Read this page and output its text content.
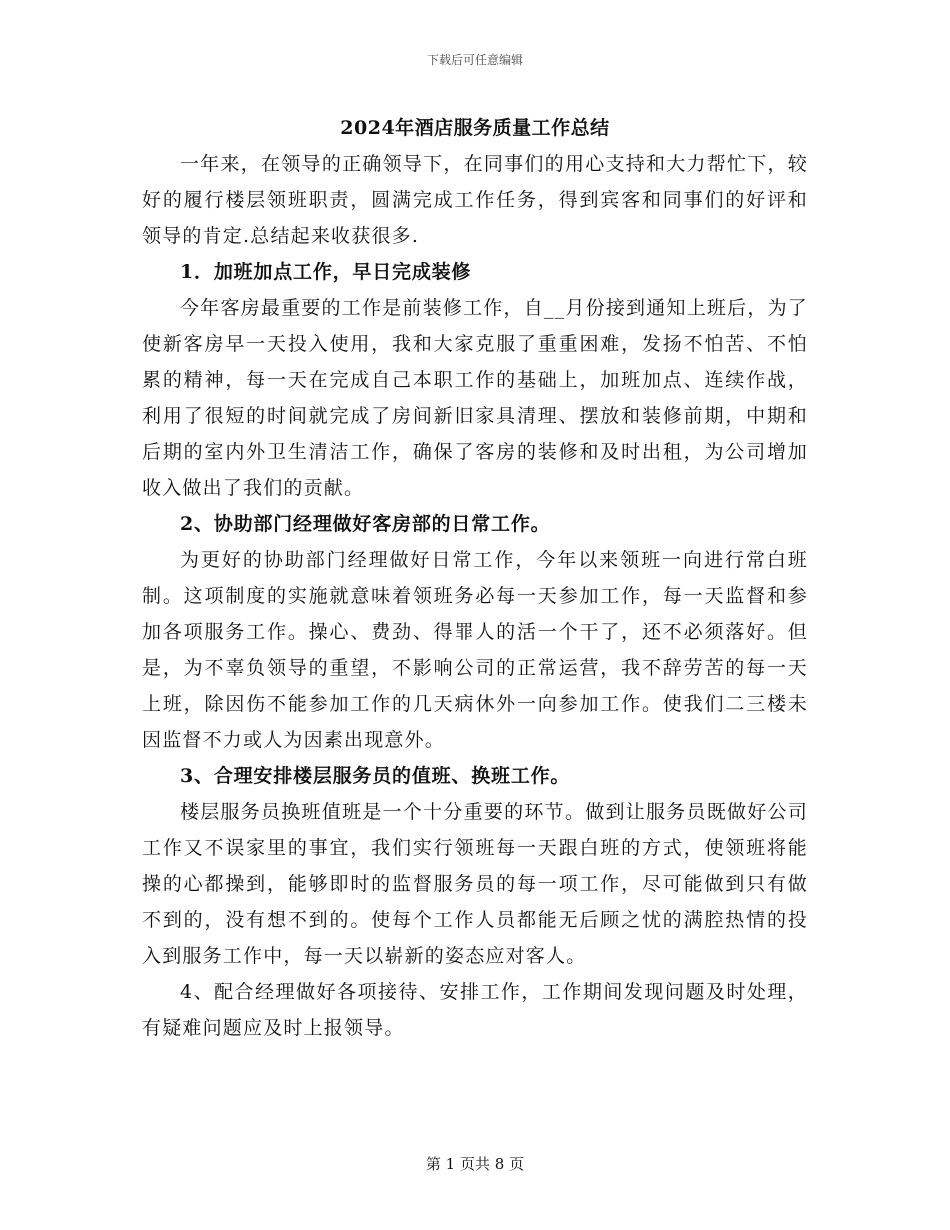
下载后可任意编辑
2024年酒店服务质量工作总结

一年来，在领导的正确领导下，在同事们的用心支持和大力帮忙下，较好的履行楼层领班职责，圆满完成工作任务，得到宾客和同事们的好评和领导的肯定.总结起来收获很多.

1．加班加点工作，早日完成装修

今年客房最重要的工作是前装修工作，自__月份接到通知上班后，为了使新客房早一天投入使用，我和大家克服了重重困难，发扬不怕苦、不怕累的精神，每一天在完成自己本职工作的基础上，加班加点、连续作战，利用了很短的时间就完成了房间新旧家具清理、摆放和装修前期，中期和后期的室内外卫生清洁工作，确保了客房的装修和及时出租，为公司增加收入做出了我们的贡献。

2、协助部门经理做好客房部的日常工作。

为更好的协助部门经理做好日常工作，今年以来领班一向进行常白班制。这项制度的实施就意味着领班务必每一天参加工作，每一天监督和参加各项服务工作。操心、费劲、得罪人的活一个干了，还不必须落好。但是，为不辜负领导的重望，不影响公司的正常运营，我不辞劳苦的每一天上班，除因伤不能参加工作的几天病休外一向参加工作。使我们二三楼未因监督不力或人为因素出现意外。

3、合理安排楼层服务员的值班、换班工作。

楼层服务员换班值班是一个十分重要的环节。做到让服务员既做好公司工作又不误家里的事宜，我们实行领班每一天跟白班的方式，使领班将能操的心都操到，能够即时的监督服务员的每一项工作，尽可能做到只有做不到的，没有想不到的。使每个工作人员都能无后顾之忧的满腔热情的投入到服务工作中，每一天以崭新的姿态应对客人。

4、配合经理做好各项接待、安排工作，工作期间发现问题及时处理，有疑难问题应及时上报领导。

第 1 页共 8 页
